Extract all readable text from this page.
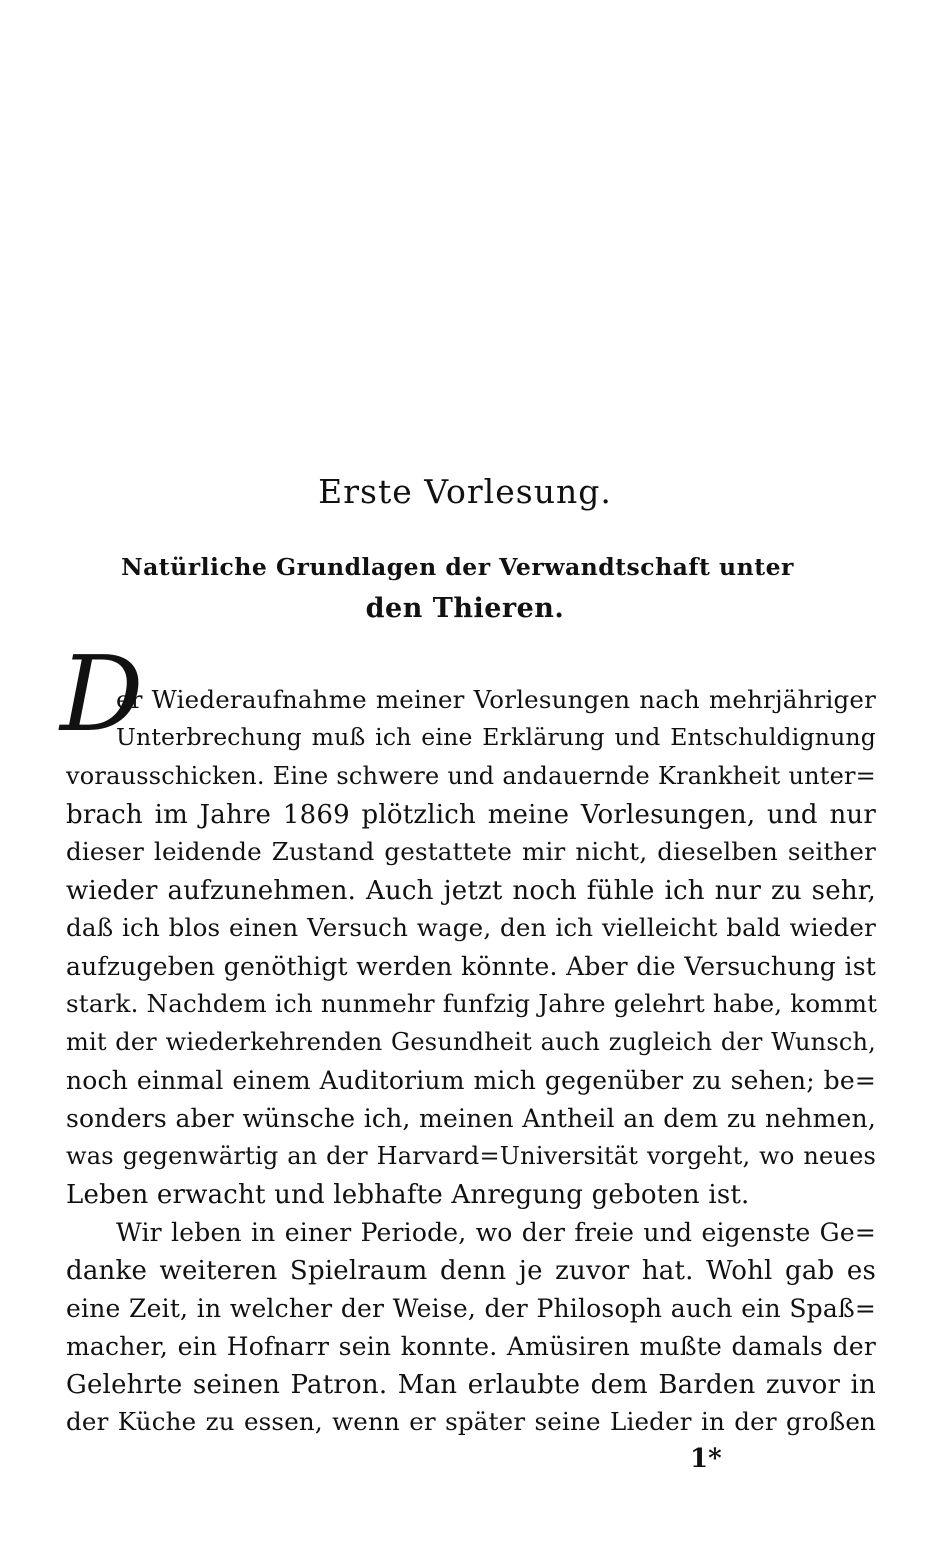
Erste Vorlesung.
Natürliche Grundlagen der Verwandtschaft unter
den Thieren.
D
er Wiederaufnahme meiner Vorlesungen nach mehrjähriger
Unterbrechung muß ich eine Erklärung und Entschuldignung
vorausschicken. Eine schwere und andauernde Krankheit unter=
brach im Jahre 1869 plötzlich meine Vorlesungen, und nur
dieser leidende Zustand gestattete mir nicht, dieselben seither
wieder aufzunehmen. Auch jetzt noch fühle ich nur zu sehr,
daß ich blos einen Versuch wage, den ich vielleicht bald wieder
aufzugeben genöthigt werden könnte. Aber die Versuchung ist
stark. Nachdem ich nunmehr funfzig Jahre gelehrt habe, kommt
mit der wiederkehrenden Gesundheit auch zugleich der Wunsch,
noch einmal einem Auditorium mich gegenüber zu sehen; be=
sonders aber wünsche ich, meinen Antheil an dem zu nehmen,
was gegenwärtig an der Harvard=Universität vorgeht, wo neues
Leben erwacht und lebhafte Anregung geboten ist.
Wir leben in einer Periode, wo der freie und eigenste Ge=
danke weiteren Spielraum denn je zuvor hat. Wohl gab es
eine Zeit, in welcher der Weise, der Philosoph auch ein Spaß=
macher, ein Hofnarr sein konnte. Amüsiren mußte damals der
Gelehrte seinen Patron. Man erlaubte dem Barden zuvor in
der Küche zu essen, wenn er später seine Lieder in der großen
1*
